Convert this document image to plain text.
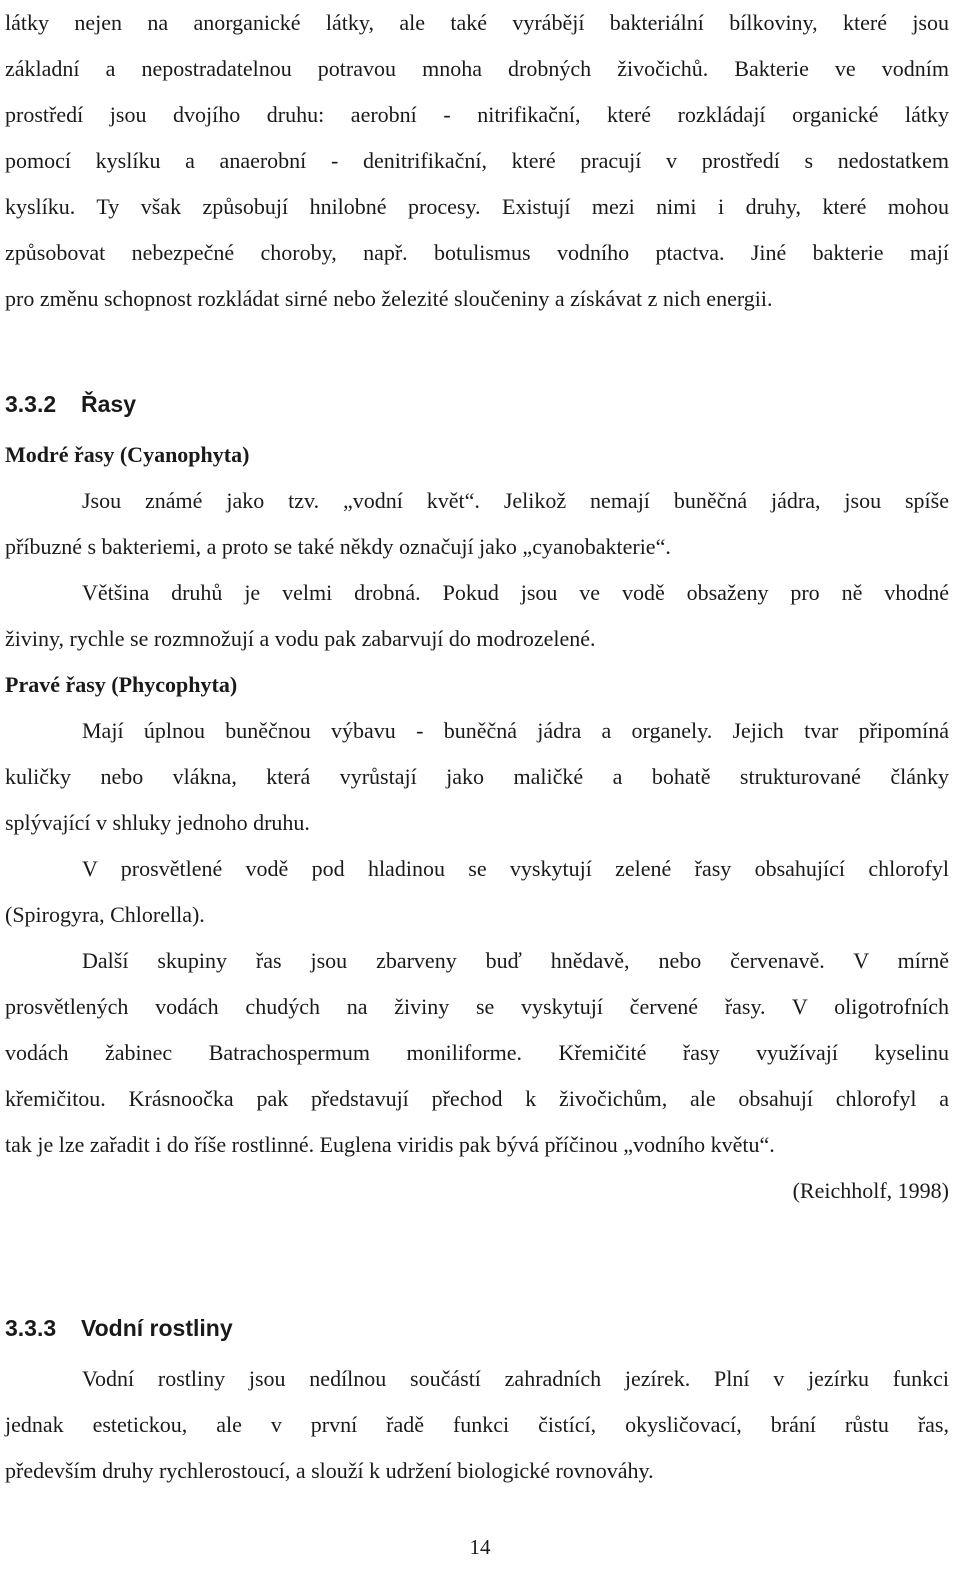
látky nejen na anorganické látky, ale také vyrábějí bakteriální bílkoviny, které jsou
základní a nepostradatelnou potravou mnoha drobných živočichů. Bakterie ve vodním
prostředí jsou dvojího druhu: aerobní - nitrifikační, které rozkládají organické látky
pomocí kyslíku a anaerobní - denitrifikační, které pracují v prostředí s nedostatkem
kyslíku. Ty však způsobují hnilobné procesy. Existují mezi nimi i druhy, které mohou
způsobovat nebezpečné choroby, např. botulismus vodního ptactva. Jiné bakterie mají
pro změnu schopnost rozkládat sirné nebo železité sloučeniny a získávat z nich energii.
3.3.2 Řasy
Modré řasy (Cyanophyta)
Jsou známé jako tzv. „vodní květ“. Jelikož nemají buněčná jádra, jsou spíše
příbuzné s bakteriemi, a proto se také někdy označují jako „cyanobakterie“.
Většina druhů je velmi drobná. Pokud jsou ve vodě obsaženy pro ně vhodné
živiny, rychle se rozmnožují a vodu pak zabarvují do modrozelené.
Pravé řasy (Phycophyta)
Mají úplnou buněčnou výbavu - buněčná jádra a organely. Jejich tvar připomíná
kuličky nebo vlákna, která vyrůstají jako maličké a bohatě strukturované články
splývající v shluky jednoho druhu.
V prosvětlené vodě pod hladinou se vyskytují zelené řasy obsahující chlorofyl
(Spirogyra, Chlorella).
Další skupiny řas jsou zbarveny buď hnědavě, nebo červenavě. V mírně
prosvětlených vodách chudých na živiny se vyskytují červené řasy. V oligotrofních
vodách žabinec Batrachospermum moniliforme. Křemičité řasy využívají kyselinu
křemičitou. Krásnoočka pak představují přechod k živočichům, ale obsahují chlorofyl a
tak je lze zařadit i do říše rostlinné. Euglena viridis pak bývá příčinou „vodního květu“.
(Reichholf, 1998)
3.3.3 Vodní rostliny
Vodní rostliny jsou nedílnou součástí zahradních jezírek. Plní v jezírku funkci
jednak estetickou, ale v první řadě funkci čistící, okysličovací, brání růstu řas,
především druhy rychlerostoucí, a slouží k udržení biologické rovnováhy.
14
